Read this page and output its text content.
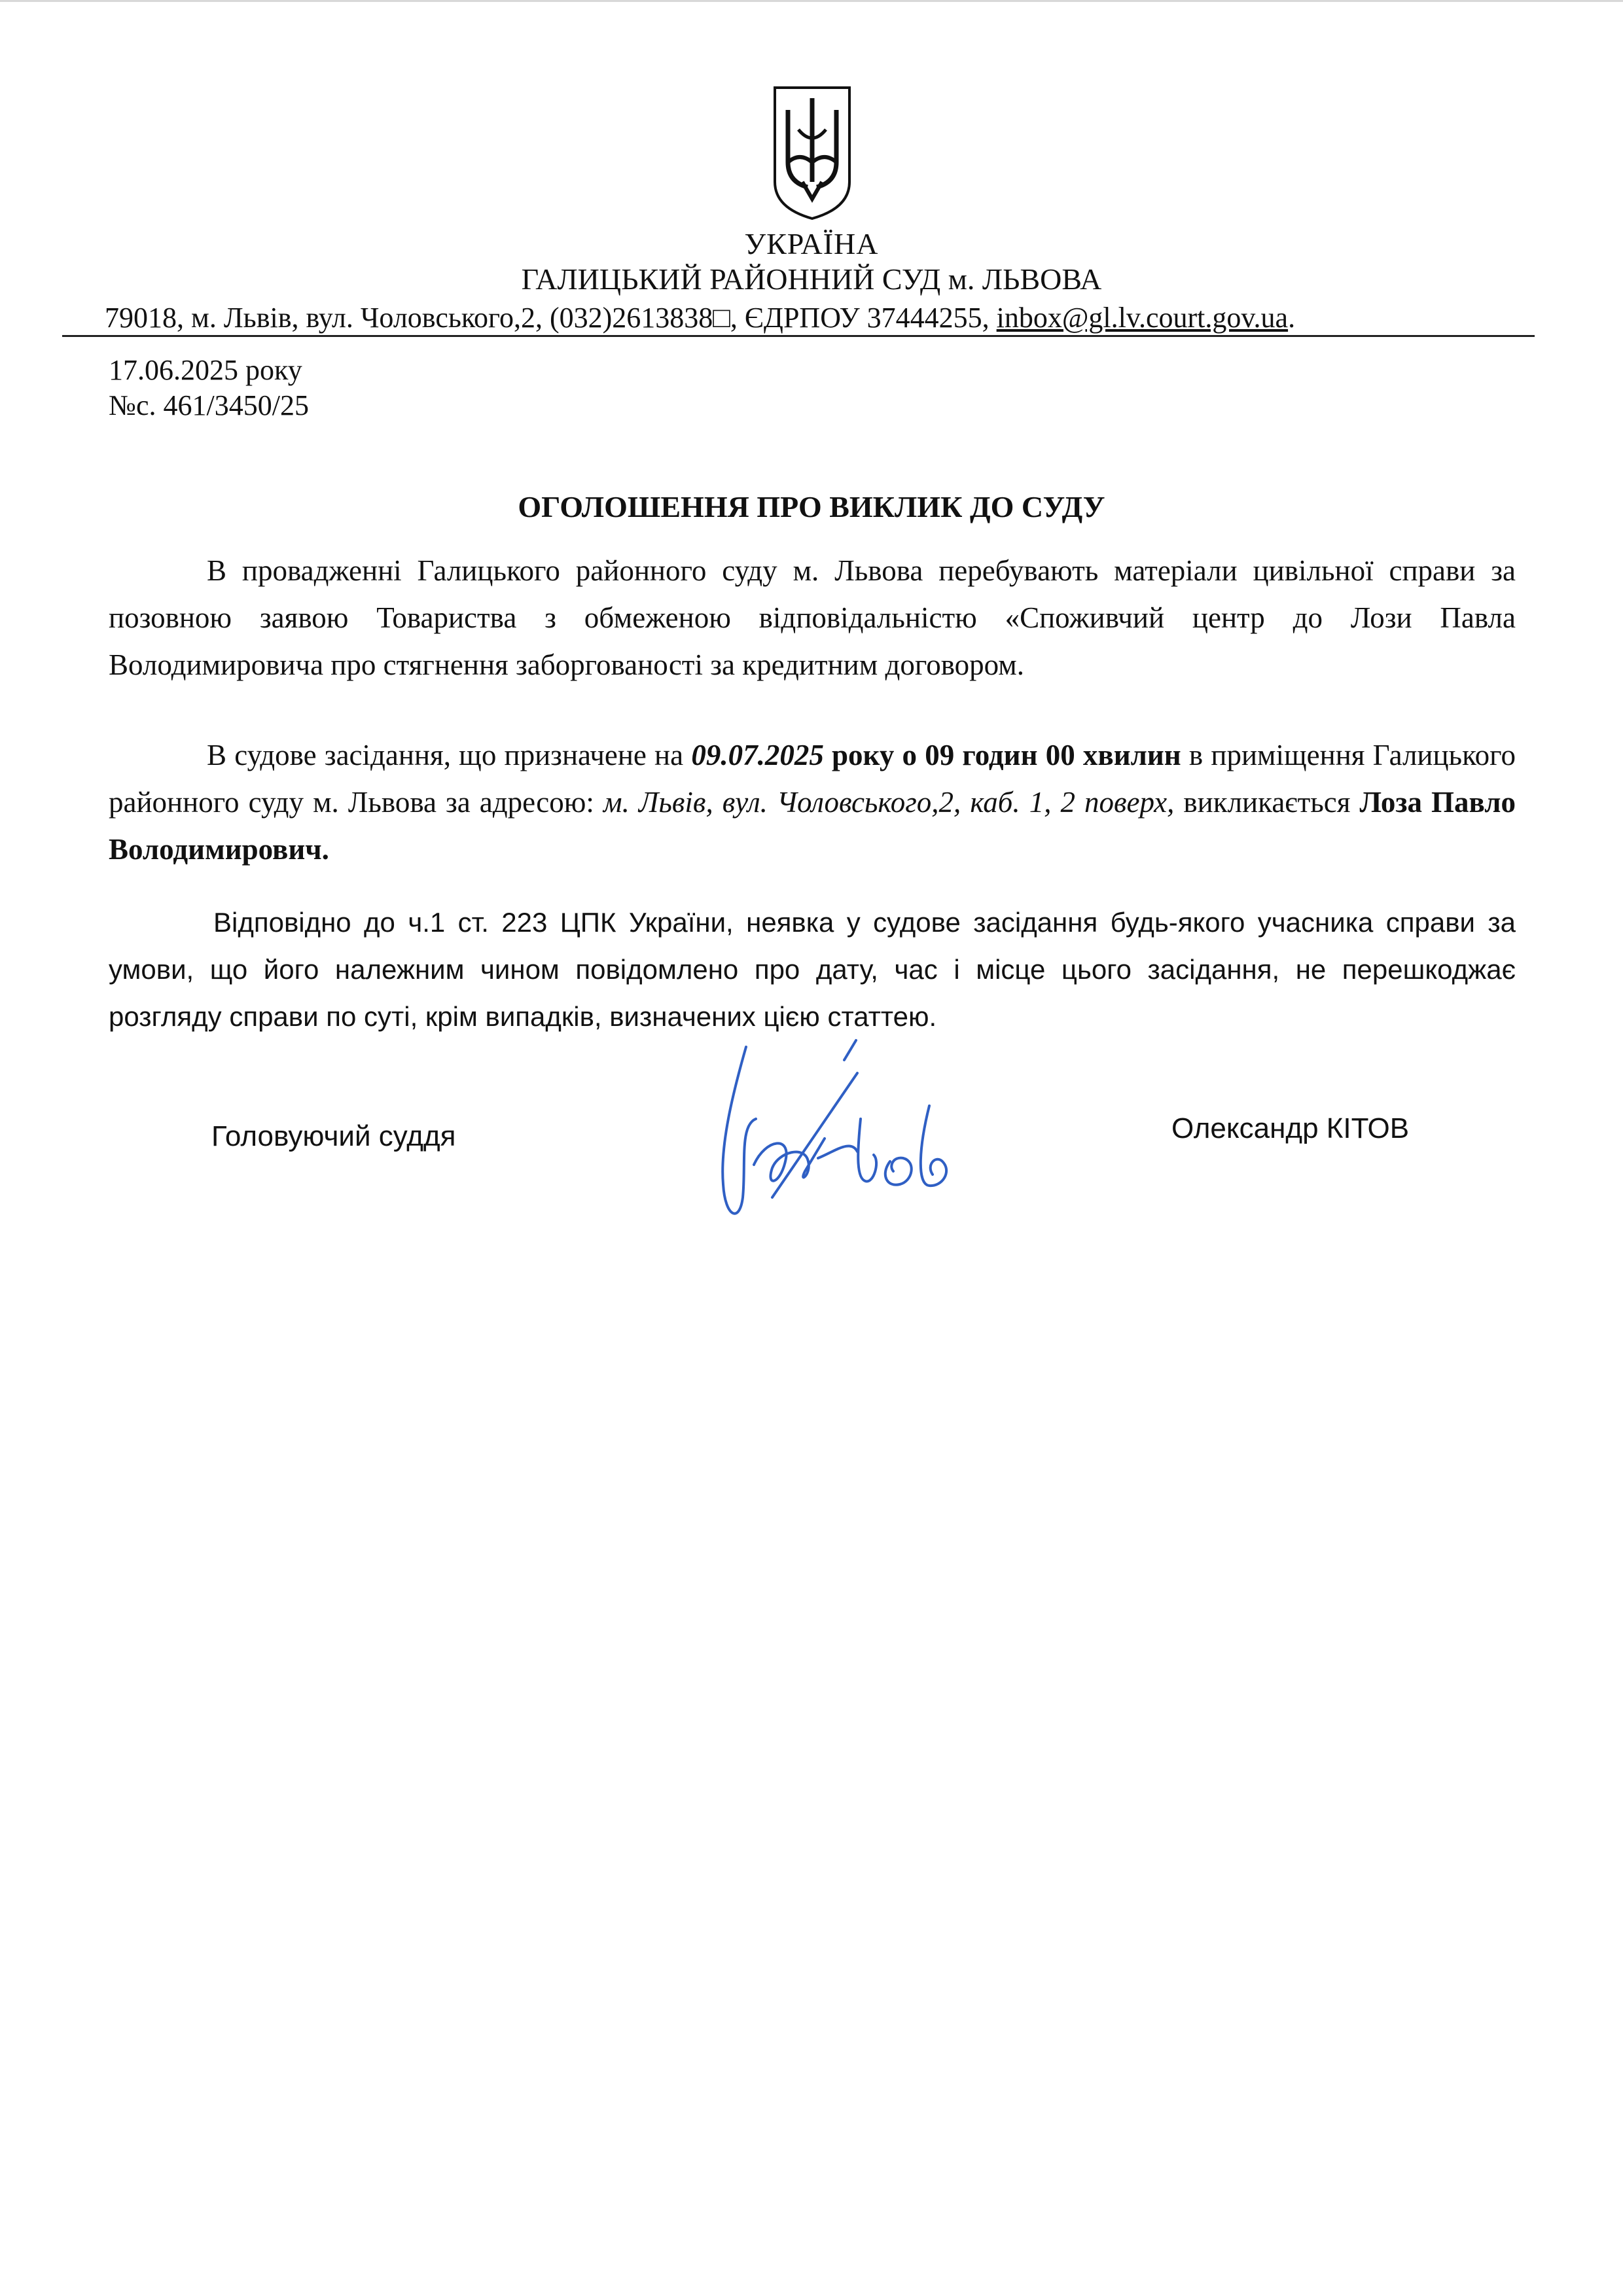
УКРАЇНА
ГАЛИЦЬКИЙ РАЙОННИЙ СУД м. ЛЬВОВА
79018, м. Львів, вул. Чоловського,2, (032)2613838□, ЄДРПОУ 37444255, inbox@gl.lv.court.gov.ua.
17.06.2025 року
№с. 461/3450/25
ОГОЛОШЕННЯ ПРО ВИКЛИК ДО СУДУ

В провадженні Галицького районного суду м. Львова перебувають матеріали цивільної справи за позовною заявою Товариства з обмеженою відповідальністю «Споживчий центр до Лози Павла Володимировича про стягнення заборгованості за кредитним договором.

В судове засідання, що призначене на 09.07.2025 року о 09 годин 00 хвилин в приміщення Галицького районного суду м. Львова за адресою: м. Львів, вул. Чоловського,2, каб. 1, 2 поверх, викликається Лоза Павло Володимирович.

Відповідно до ч.1 ст. 223 ЦПК України, неявка у судове засідання будь-якого учасника справи за умови, що його належним чином повідомлено про дату, час і місце цього засідання, не перешкоджає розгляду справи по суті, крім випадків, визначених цією статтею.

Головуючий суддя	Олександр КІТОВ
